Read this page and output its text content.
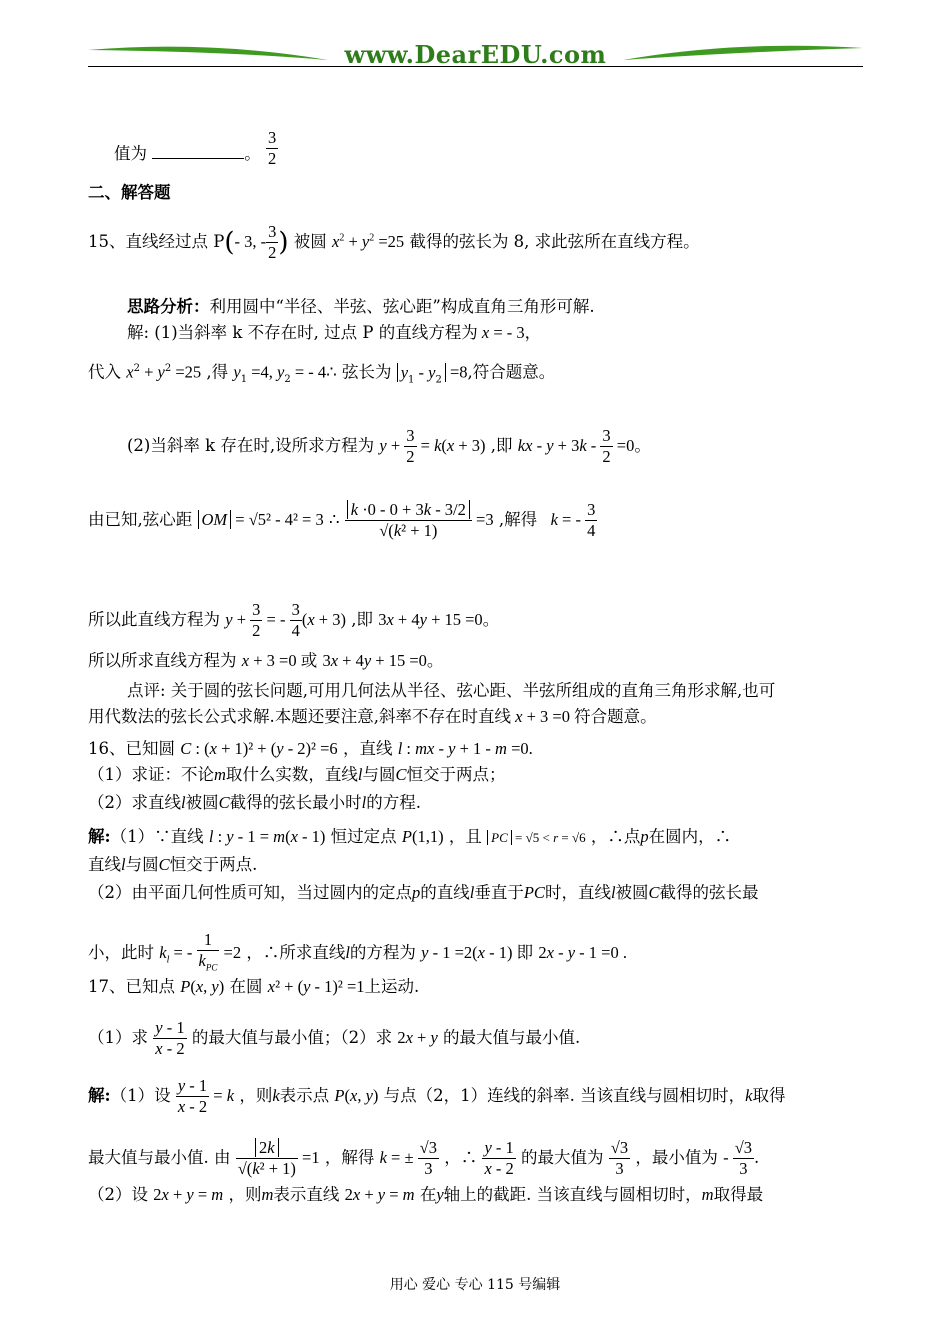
www.DearEDU.com
值为	。 $\frac{3}{2}$
二、解答题
15、直线经过点 P(- 3, - $\frac{3}{2}$ ) 被圆 $x^2 + y^2 =25$ 截得的弦长为 8, 求此弦所在直线方程。
思路分析：利用圆中“半径、半弦、弦心距”构成直角三角形可解.
解: (1)当斜率 k 不存在时, 过点 P 的直线方程为 x = - 3，
代入 $x^2 + y^2 =25$ ,得 $y_1 =4$, $y_2$ = - 4∴ 弦长为 $y_1 - y_2 =8$,符合题意。
(2)当斜率 k 存在时,设所求方程为 $y + \frac{3}{2} = k(x + 3)$ ,即 kx - $y + 3k - \frac{3}{2} =0$。
由已知,弦心距 OM = √5² - 4² = 3 ∴ $\frac{k \cdot 0 - 0 + 3k - 3/2}{\text{√(k² + 1)}} =3$ ,解得   k = - $\frac{3}{4}$
所以此直线方程为 $y + \frac{3}{2}$ = - $\frac{3}{4} (x + 3)$ ,即 3x + 4y + 15 =0。
所以所求直线方程为 x + 3 =0 或 3x + 4y + 15 =0。
点评: 关于圆的弦长问题,可用几何法从半径、弦心距、半弦所组成的直角三角形求解,也可
用代数法的弦长公式求解.本题还要注意,斜率不存在时直线 x + 3 =0 符合题意。
16、已知圆 C : (x + 1)² + (y - 2)² =6 ，直线 l : mx - y + 1 - m =0.
（1）求证：不论m取什么实数，直线l与圆C恒交于两点；
（2）求直线l被圆C截得的弦长最小时l的方程.
解:（1）∵直线 l : y - 1 = m(x - 1) 恒过定点 P(1,1) ，且 PC = √5 < r = √6 ，∴点p在圆内，∴
直线l与圆C恒交于两点.
（2）由平面几何性质可知，当过圆内的定点p的直线l垂直于PC时，直线l被圆C截得的弦长最
小，此时 $k_l$ = - $\frac{1}{k_{PC}} =2$ ，∴所求直线l的方程为 y - 1 =2(x - 1) 即 2x - y - 1 =0 .
17、已知点 P(x, y) 在圆 x² + (y - 1)² =1上运动.
（1）求 $\frac{y - 1}{x - 2}$ 的最大值与最小值；（2）求 2x + y 的最大值与最小值.
解:（1）设 $\frac{y - 1}{x - 2} = k$ ，则k表示点 P(x, y) 与点（2，1）连线的斜率. 当该直线与圆相切时，k取得
最大值与最小值. 由 $\frac{2k}{\text{√(k² + 1)}} =1$ ，解得 k = ± $\frac{√3}{3}$ ，∴ $\frac{y - 1}{x - 2}$ 的最大值为 $\frac{√3}{3}$ ，最小值为 - $\frac{√3}{3}$ .
（2）设 2x + y = m ，则m表示直线 2x + y = m 在y轴上的截距. 当该直线与圆相切时，m取得最
用心 爱心 专心 115 号编辑
